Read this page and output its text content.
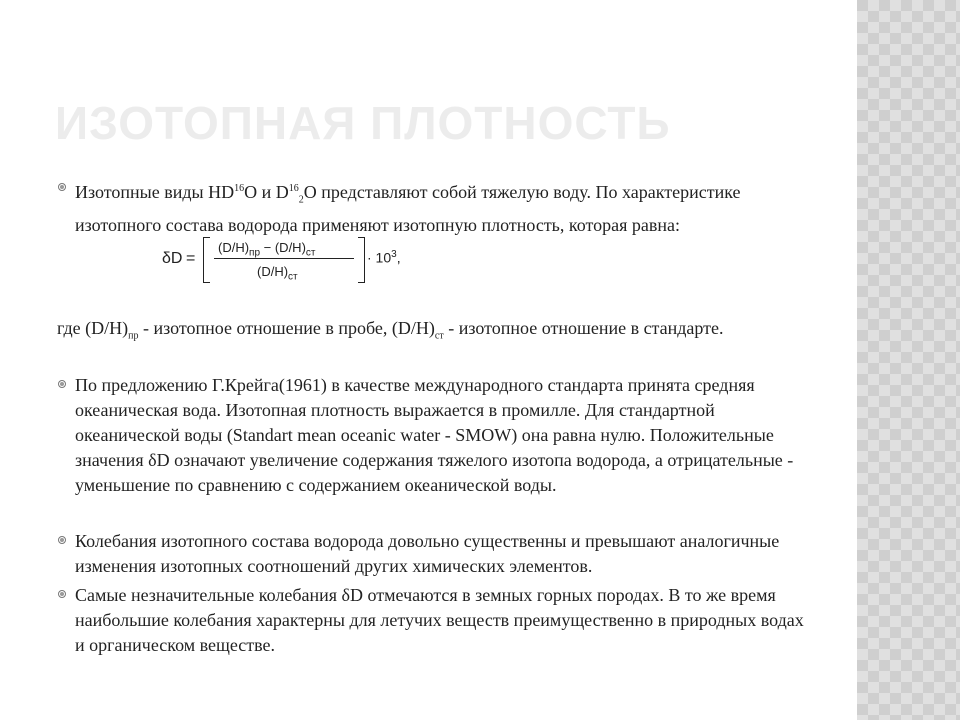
ИЗОТОПНАЯ ПЛОТНОСТЬ

Изотопные виды HD$^{16}$O и $D^{16}_2O$ представляют собой тяжелую воду. По характеристике изотопного состава водорода применяют изотопную плотность, которая равна:

δD =
$(D/H)_{пр} - (D/H)_{ст}$
$(D/H)_{ст}$
· $10^3$,

где $(D/H)_{пр}$ - изотопное отношение в пробе, $(D/H)_{ст}$ - изотопное отношение в стандарте.

По предложению Г.Крейга(1961) в качестве международного стандарта принята средняя океаническая вода. Изотопная плотность выражается в промилле. Для стандартной океанической воды (Standart mean oceanic water - SMOW) она равна нулю. Положительные значения δD означают увеличение содержания тяжелого изотопа водорода, а отрицательные - уменьшение по сравнению с содержанием океанической воды.

Колебания изотопного состава водорода довольно существенны и превышают аналогичные изменения изотопных соотношений других химических элементов.

Самые незначительные колебания δD отмечаются в земных горных породах. В то же время наибольшие колебания характерны для летучих веществ преимущественно в природных водах и органическом веществе.
